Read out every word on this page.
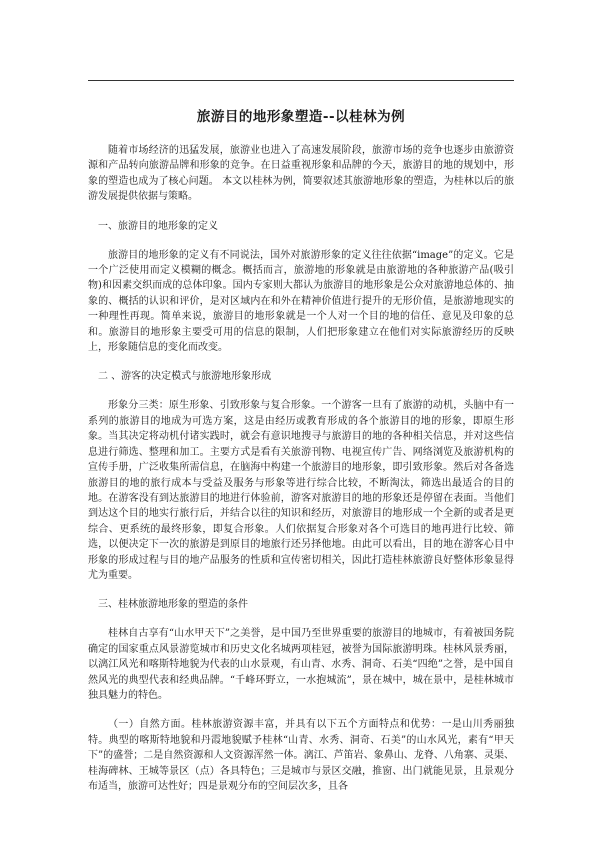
旅游目的地形象塑造--以桂林为例

随着市场经济的迅猛发展，旅游业也进入了高速发展阶段，旅游市场的竞争也逐步由旅游资源和产品转向旅游品牌和形象的竞争。在日益重视形象和品牌的今天，旅游目的地的规划中，形象的塑造也成为了核心问题。 本文以桂林为例，简要叙述其旅游地形象的塑造，为桂林以后的旅游发展提供依据与策略。

一、旅游目的地形象的定义

旅游目的地形象的定义有不同说法，国外对旅游形象的定义往往依据“image”的定义。它是一个广泛使用而定义模糊的概念。概括而言，旅游地的形象就是由旅游地的各种旅游产品(吸引物)和因素交织而成的总体印象。国内专家则大都认为旅游目的地形象是公众对旅游地总体的、抽象的、概括的认识和评价，是对区域内在和外在精神价值进行提升的无形价值，是旅游地现实的一种理性再现。简单来说，旅游目的地形象就是一个人对一个目的地的信任、意见及印象的总和。旅游目的地形象主要受可用的信息的限制，人们把形象建立在他们对实际旅游经历的反映上，形象随信息的变化而改变。

二 、游客的决定模式与旅游地形象形成

形象分三类：原生形象、引致形象与复合形象。一个游客一旦有了旅游的动机，头脑中有一系列的旅游目的地成为可选方案，这是由经历或教育形成的各个旅游目的地的形象，即原生形象。当其决定将动机付诸实践时，就会有意识地搜寻与旅游目的地的各种相关信息，并对这些信息进行筛选、整理和加工。主要方式是看有关旅游刊物、电视宣传广告、网络浏览及旅游机构的宣传手册，广泛收集所需信息，在脑海中构建一个旅游目的地形象，即引致形象。然后对各备选旅游目的地的旅行成本与受益及服务与形象等进行综合比较，不断淘汰，筛选出最适合的目的地。在游客没有到达旅游目的地进行体验前，游客对旅游目的地的形象还是停留在表面。当他们到达这个目的地实行旅行后，并结合以往的知识和经历，对旅游目的地形成一个全新的或者是更综合、更系统的最终形象，即复合形象。人们依据复合形象对各个可选目的地再进行比较、筛选，以便决定下一次的旅游是到原目的地旅行还另择他地。由此可以看出，目的地在游客心目中形象的形成过程与目的地产品服务的性质和宣传密切相关，因此打造桂林旅游良好整体形象显得尤为重要。

三、桂林旅游地形象的塑造的条件

桂林自古享有“山水甲天下”之美誉，是中国乃至世界重要的旅游目的地城市，有着被国务院确定的国家重点风景游览城市和历史文化名城两项桂冠，被誉为国际旅游明珠。桂林风景秀丽，以漓江风光和喀斯特地貌为代表的山水景观，有山青、水秀、洞奇、石美“四绝”之誉，是中国自然风光的典型代表和经典品牌。“千峰环野立，一水抱城流”，景在城中，城在景中，是桂林城市独具魅力的特色。

（一）自然方面。桂林旅游资源丰富，并具有以下五个方面特点和优势：一是山川秀丽独特。典型的喀斯特地貌和丹霞地貌赋予桂林“山青、水秀、洞奇、石美”的山水风光，素有“甲天下”的盛誉；二是自然资源和人文资源浑然一体。漓江、芦笛岩、象鼻山、龙脊、八角寨、灵渠、桂海碑林、王城等景区（点）各具特色；三是城市与景区交融，推窗、出门就能见景，且景观分布适当，旅游可达性好；四是景观分布的空间层次多，且各
